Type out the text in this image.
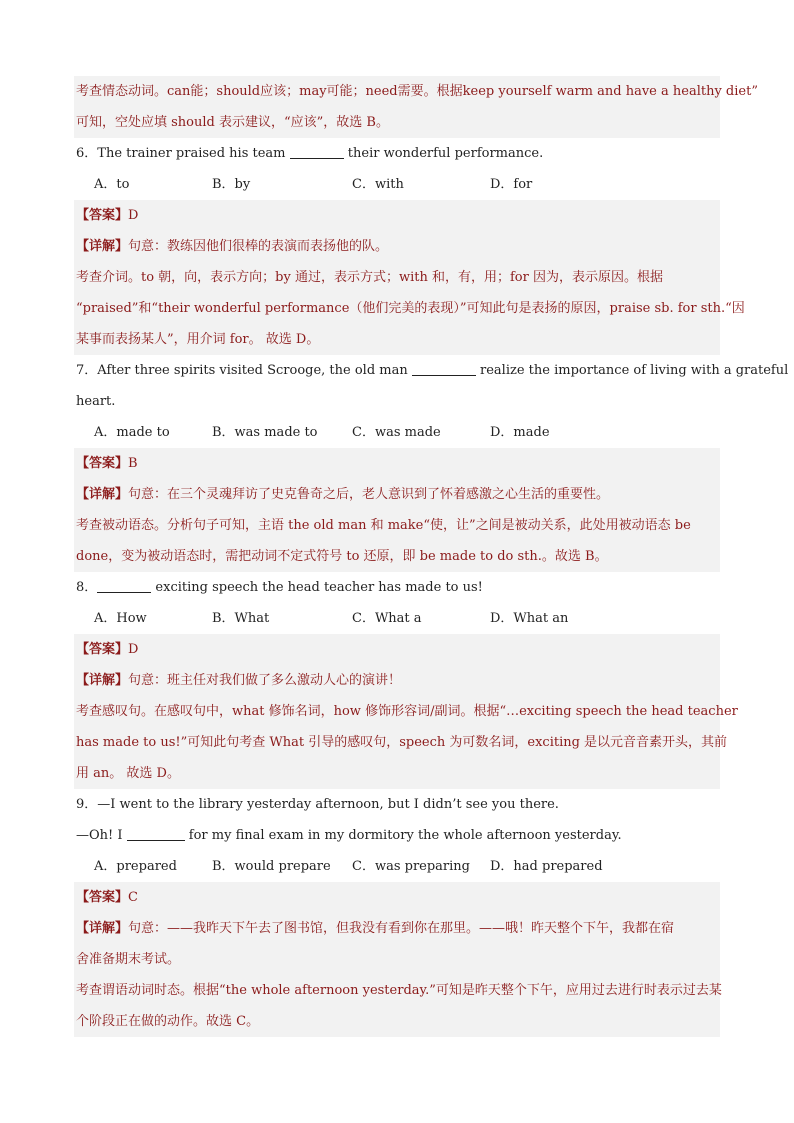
考查情态动词。can能；should应该；may可能；need需要。根据keep yourself warm and have a healthy diet”
可知，空处应填 should 表示建议，“应该”，故选 B。
6．The trainer praised his team	their wonderful performance.
A．to	B．by	C．with	D．for
【答案】D
【详解】句意：教练因他们很棒的表演而表扬他的队。
考查介词。to 朝，向，表示方向；by 通过，表示方式；with 和，有，用；for 因为，表示原因。根据
“praised”和“their wonderful performance（他们完美的表现）”可知此句是表扬的原因，praise sb. for sth.“因
某事而表扬某人”，用介词 for。 故选 D。
7．After three spirits visited Scrooge, the old man	realize the importance of living with a grateful
heart.
A．made to	B．was made to	C．was made	D．made
【答案】B
【详解】句意：在三个灵魂拜访了史克鲁奇之后，老人意识到了怀着感激之心生活的重要性。
考查被动语态。分析句子可知，主语 the old man 和 make“使，让”之间是被动关系，此处用被动语态 be
done，变为被动语态时，需把动词不定式符号 to 还原，即 be made to do sth.。故选 B。
8．	exciting speech the head teacher has made to us!
A．How	B．What	C．What a	D．What an
【答案】D
【详解】句意：班主任对我们做了多么激动人心的演讲！
考查感叹句。在感叹句中，what 修饰名词，how 修饰形容词/副词。根据“…exciting speech the head teacher
has made to us!”可知此句考查 What 引导的感叹句，speech 为可数名词，exciting 是以元音音素开头，其前
用 an。 故选 D。
9．—I went to the library yesterday afternoon, but I didn’t see you there.
—Oh! I	for my final exam in my dormitory the whole afternoon yesterday.
A．prepared	B．would prepare	C．was preparing	D．had prepared
【答案】C
【详解】句意：——我昨天下午去了图书馆，但我没有看到你在那里。——哦！昨天整个下午，我都在宿
舍准备期末考试。
考查谓语动词时态。根据“the whole afternoon yesterday.”可知是昨天整个下午，应用过去进行时表示过去某
个阶段正在做的动作。故选 C。
